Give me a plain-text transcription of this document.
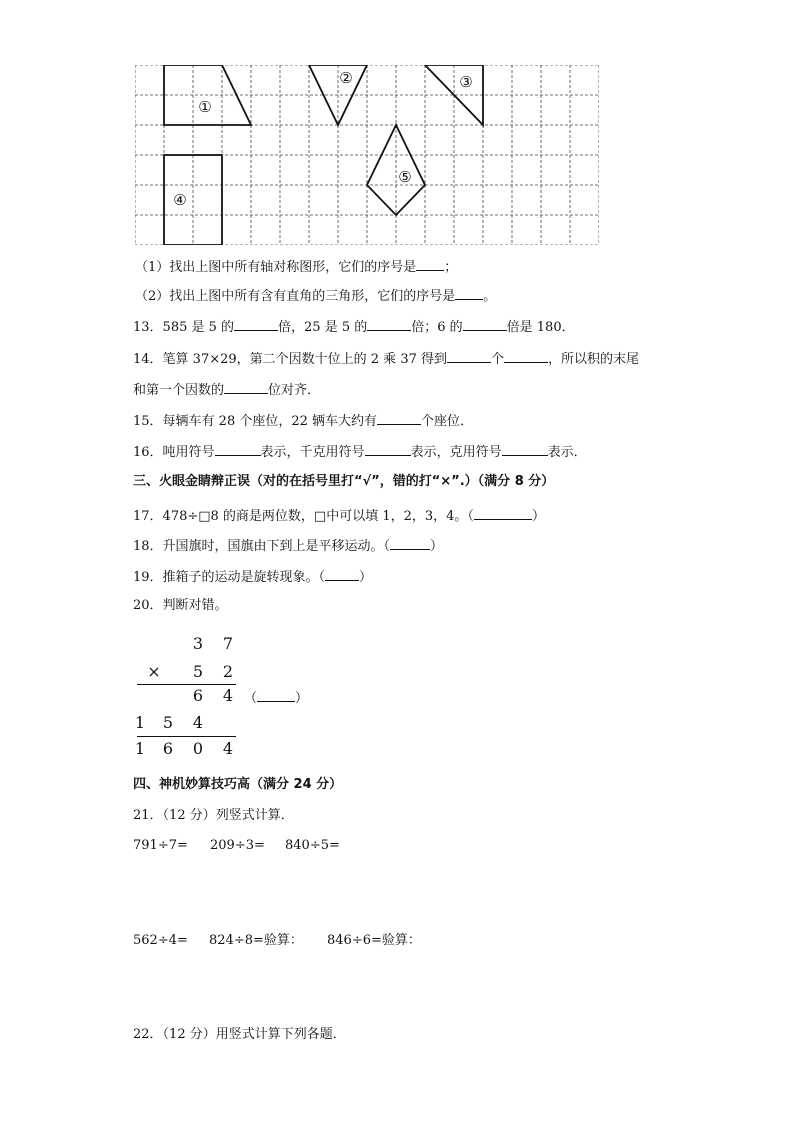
①
②	③
④
⑤
（1）找出上图中所有轴对称图形，它们的序号是 ；
（2）找出上图中所有含有直角的三角形，它们的序号是 。
13．585 是 5 的	倍，25 是 5 的	倍；6 的	倍是 180．
14．笔算 37×29，第二个因数十位上的 2 乘 37 得到	个	，所以积的末尾
和第一个因数的	位对齐．
15．每辆车有 28 个座位，22 辆车大约有	个座位．
16．吨用符号	表示，千克用符号	表示，克用符号	表示．
三、火眼金睛辩正误（对的在括号里打“√”，错的打“×”.）（满分 8 分）
17．478÷□8 的商是两位数，□中可以填 1，2，3，4。（	）
18．升国旗时，国旗由下到上是平移运动。（	）
19．推箱子的运动是旋转现象。（	）
20．判断对错。
3	7
×	5	2
6	4
1	5	4
1	6	0	4
（	）
四、神机妙算技巧高（满分 24 分）
21．（12 分）列竖式计算．
791÷7= 209÷3= 840÷5=
562÷4= 824÷8=验算： 846÷6=验算：
22．（12 分）用竖式计算下列各题．
